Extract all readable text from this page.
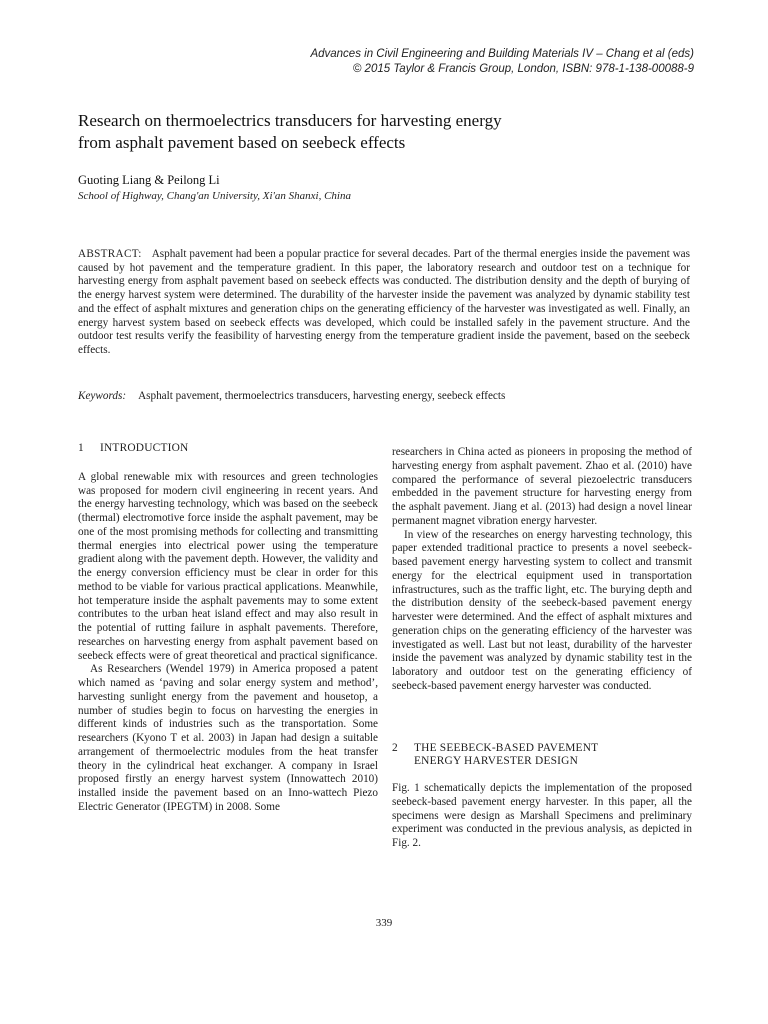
Advances in Civil Engineering and Building Materials IV – Chang et al (eds)
© 2015 Taylor & Francis Group, London, ISBN: 978-1-138-00088-9
Research on thermoelectrics transducers for harvesting energy
from asphalt pavement based on seebeck effects
Guoting Liang & Peilong Li
School of Highway, Chang'an University, Xi'an Shanxi, China
ABSTRACT: Asphalt pavement had been a popular practice for several decades. Part of the thermal energies inside the pavement was caused by hot pavement and the temperature gradient. In this paper, the laboratory research and outdoor test on a technique for harvesting energy from asphalt pavement based on seebeck effects was conducted. The distribution density and the depth of burying of the energy harvest system were determined. The durability of the harvester inside the pavement was analyzed by dynamic stability test and the effect of asphalt mixtures and generation chips on the generating efficiency of the harvester was investigated as well. Finally, an energy harvest system based on seebeck effects was developed, which could be installed safely in the pavement structure. And the outdoor test results verify the feasibility of harvesting energy from the temperature gradient inside the pavement, based on the seebeck effects.
Keywords: Asphalt pavement, thermoelectrics transducers, harvesting energy, seebeck effects
1	INTRODUCTION

A global renewable mix with resources and green technologies was proposed for modern civil engineering in recent years. And the energy harvesting technology, which was based on the seebeck (thermal) electromotive force inside the asphalt pavement, may be one of the most promising methods for collecting and transmitting thermal energies into electrical power using the temperature gradient along with the pavement depth. However, the validity and the energy conversion efficiency must be clear in order for this method to be viable for various practical applications. Meanwhile, hot temperature inside the asphalt pavements may to some extent contributes to the urban heat island effect and may also result in the potential of rutting failure in asphalt pavements. Therefore, researches on harvesting energy from asphalt pavement based on seebeck effects were of great theoretical and practical significance.

As Researchers (Wendel 1979) in America proposed a patent which named as ‘paving and solar energy system and method’, harvesting sunlight energy from the pavement and housetop, a number of studies begin to focus on harvesting the energies in different kinds of industries such as the transportation. Some researchers (Kyono T et al. 2003) in Japan had design a suitable arrangement of thermoelectric modules from the heat transfer theory in the cylindrical heat exchanger. A company in Israel proposed firstly an energy harvest system (Innowattech 2010) installed inside the pavement based on an Inno-wattech Piezo Electric Generator (IPEGTM) in 2008. Some

researchers in China acted as pioneers in proposing the method of harvesting energy from asphalt pavement. Zhao et al. (2010) have compared the performance of several piezoelectric transducers embedded in the pavement structure for harvesting energy from the asphalt pavement. Jiang et al. (2013) had design a novel linear permanent magnet vibration energy harvester.

In view of the researches on energy harvesting technology, this paper extended traditional practice to presents a novel seebeck-based pavement energy harvesting system to collect and transmit energy for the electrical equipment used in transportation infrastructures, such as the traffic light, etc. The burying depth and the distribution density of the seebeck-based pavement energy harvester were determined. And the effect of asphalt mixtures and generation chips on the generating efficiency of the harvester was investigated as well. Last but not least, durability of the harvester inside the pavement was analyzed by dynamic stability test in the laboratory and outdoor test on the generating efficiency of seebeck-based pavement energy harvester was conducted.

2	THE SEEBECK-BASED PAVEMENT
ENERGY HARVESTER DESIGN

Fig. 1 schematically depicts the implementation of the proposed seebeck-based pavement energy harvester. In this paper, all the specimens were design as Marshall Specimens and preliminary experiment was conducted in the previous analysis, as depicted in Fig. 2.

339
